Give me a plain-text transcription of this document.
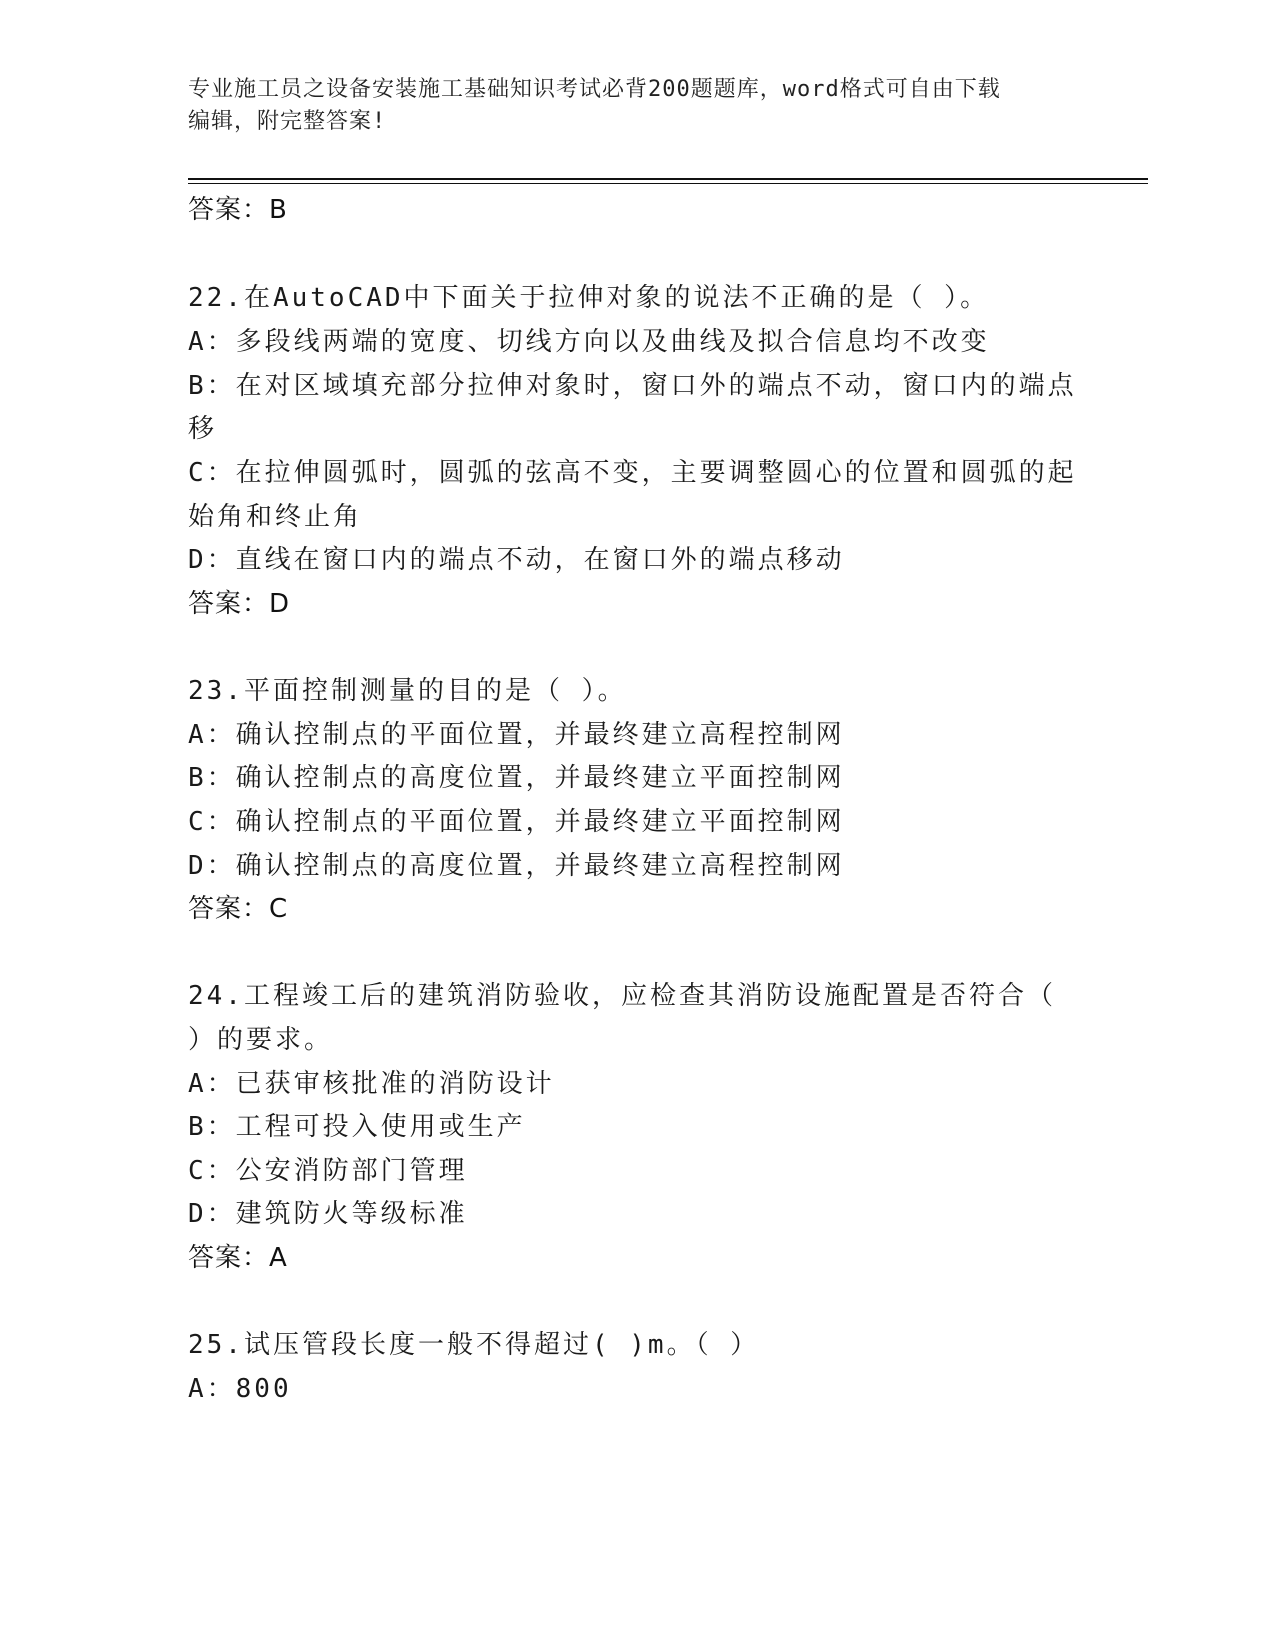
专业施工员之设备安装施工基础知识考试必背200题题库，word格式可自由下载
编辑，附完整答案!
答案：B
22.在AutoCAD中下面关于拉伸对象的说法不正确的是（ ）。
A：多段线两端的宽度、切线方向以及曲线及拟合信息均不改变
B：在对区域填充部分拉伸对象时，窗口外的端点不动，窗口内的端点
移
C：在拉伸圆弧时，圆弧的弦高不变，主要调整圆心的位置和圆弧的起
始角和终止角
D：直线在窗口内的端点不动，在窗口外的端点移动
答案：D
23.平面控制测量的目的是（ ）。
A：确认控制点的平面位置，并最终建立高程控制网
B：确认控制点的高度位置，并最终建立平面控制网
C：确认控制点的平面位置，并最终建立平面控制网
D：确认控制点的高度位置，并最终建立高程控制网
答案：C
24.工程竣工后的建筑消防验收，应检查其消防设施配置是否符合（
）的要求。
A：已获审核批准的消防设计
B：工程可投入使用或生产
C：公安消防部门管理
D：建筑防火等级标准
答案：A
25.试压管段长度一般不得超过( )m。（ ）
A：800
